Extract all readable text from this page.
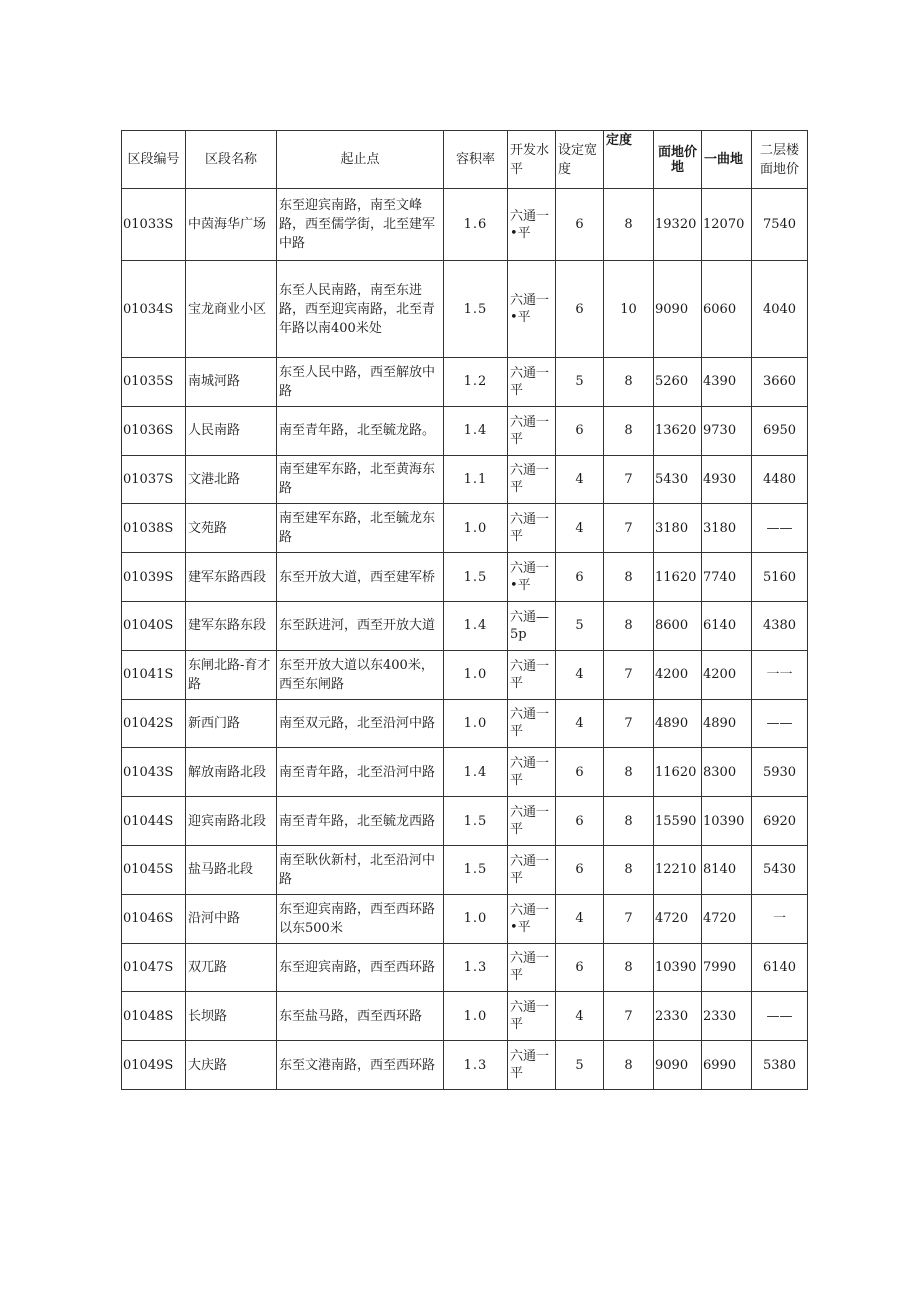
区段编号	区段名称	起止点	容积率	开发水平	设定宽度	定度	面地价地	一曲地	二层楼面地价
01033S	中茵海华广场	东至迎宾南路，南至文峰路，西至儒学街，北至建军中路	1.6	六通一•平	6	8	19320	12070	7540
01034S	宝龙商业小区	东至人民南路，南至东进路，西至迎宾南路，北至青年路以南400米处	1.5	六通一•平	6	10	9090	6060	4040
01035S	南城河路	东至人民中路，西至解放中路	1.2	六通一平	5	8	5260	4390	3660
01036S	人民南路	南至青年路，北至毓龙路。	1.4	六通一平	6	8	13620	9730	6950
01037S	文港北路	南至建军东路，北至黄海东路	1.1	六通一平	4	7	5430	4930	4480
01038S	文苑路	南至建军东路，北至毓龙东路	1.0	六通一平	4	7	3180	3180	——
01039S	建军东路西段	东至开放大道，西至建军桥	1.5	六通一•平	6	8	11620	7740	5160
01040S	建军东路东段	东至跃进河，西至开放大道	1.4	六通—5p	5	8	8600	6140	4380
01041S	东闸北路-育才路	东至开放大道以东400米，西至东闸路	1.0	六通一平	4	7	4200	4200	一一
01042S	新西门路	南至双元路，北至沿河中路	1.0	六通一平	4	7	4890	4890	——
01043S	解放南路北段	南至青年路，北至沿河中路	1.4	六通一平	6	8	11620	8300	5930
01044S	迎宾南路北段	南至青年路，北至毓龙西路	1.5	六通一平	6	8	15590	10390	6920
01045S	盐马路北段	南至耿伙新村，北至沿河中路	1.5	六通一平	6	8	12210	8140	5430
01046S	沿河中路	东至迎宾南路，西至西环路以东500米	1.0	六通一•平	4	7	4720	4720	一
01047S	双兀路	东至迎宾南路，西至西环路	1.3	六通一平	6	8	10390	7990	6140
01048S	长坝路	东至盐马路，西至西环路	1.0	六通一平	4	7	2330	2330	——
01049S	大庆路	东至文港南路，西至西环路	1.3	六通一平	5	8	9090	6990	5380
